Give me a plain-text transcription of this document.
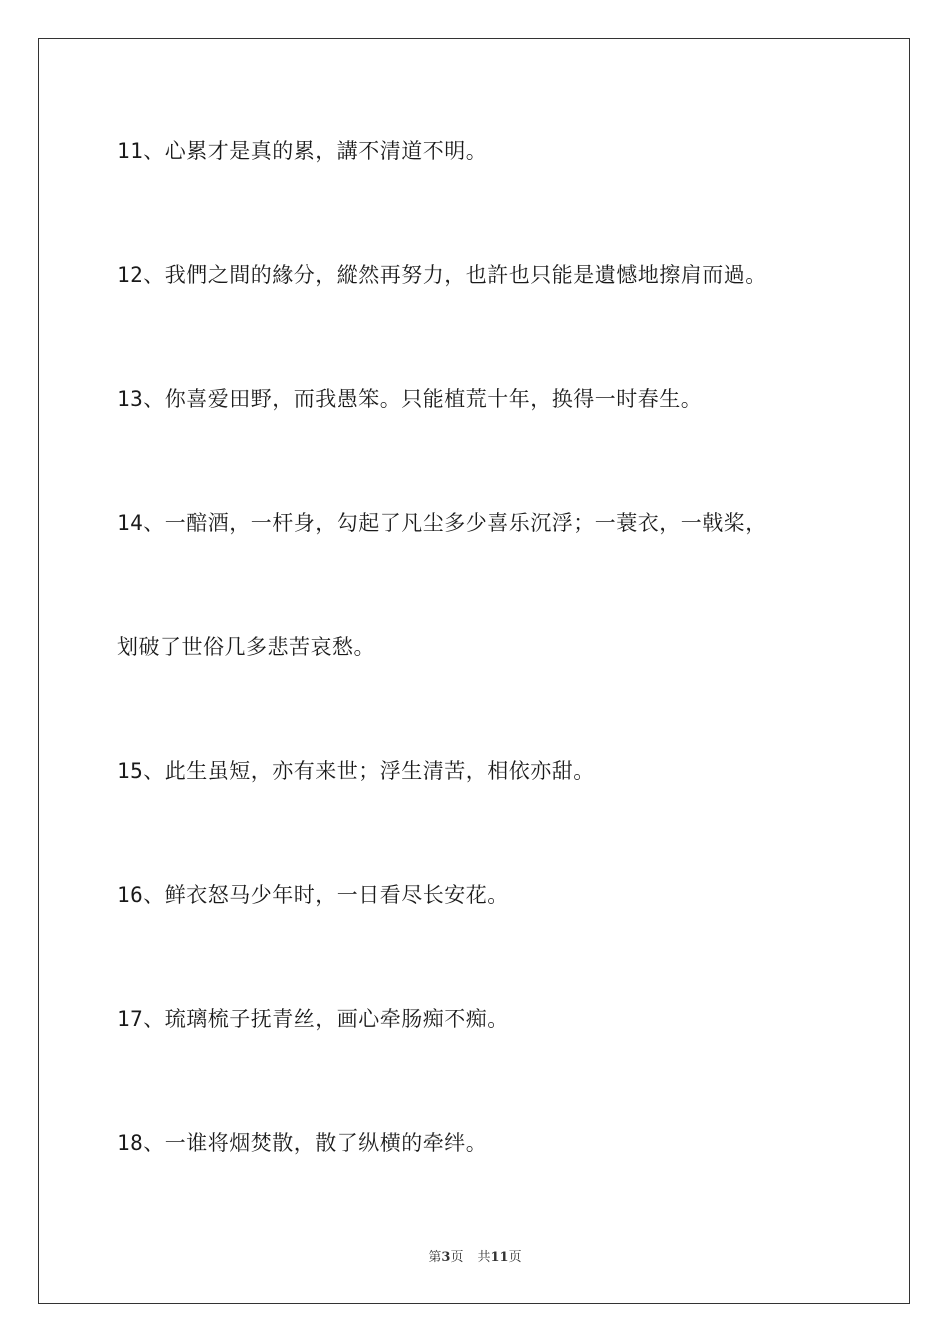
11、心累才是真的累，講不清道不明。

12、我們之間的緣分，縱然再努力，也許也只能是遺憾地擦肩而過。

13、你喜爱田野，而我愚笨。只能植荒十年，换得一时春生。

14、一醅酒，一杆身，勾起了凡尘多少喜乐沉浮；一蓑衣，一戟桨，

划破了世俗几多悲苦哀愁。

15、此生虽短，亦有来世；浮生清苦，相依亦甜。

16、鲜衣怒马少年时，一日看尽长安花。

17、琉璃梳子抚青丝，画心牵肠痴不痴。

18、一谁将烟焚散，散了纵横的牵绊。

第3页 共11页
